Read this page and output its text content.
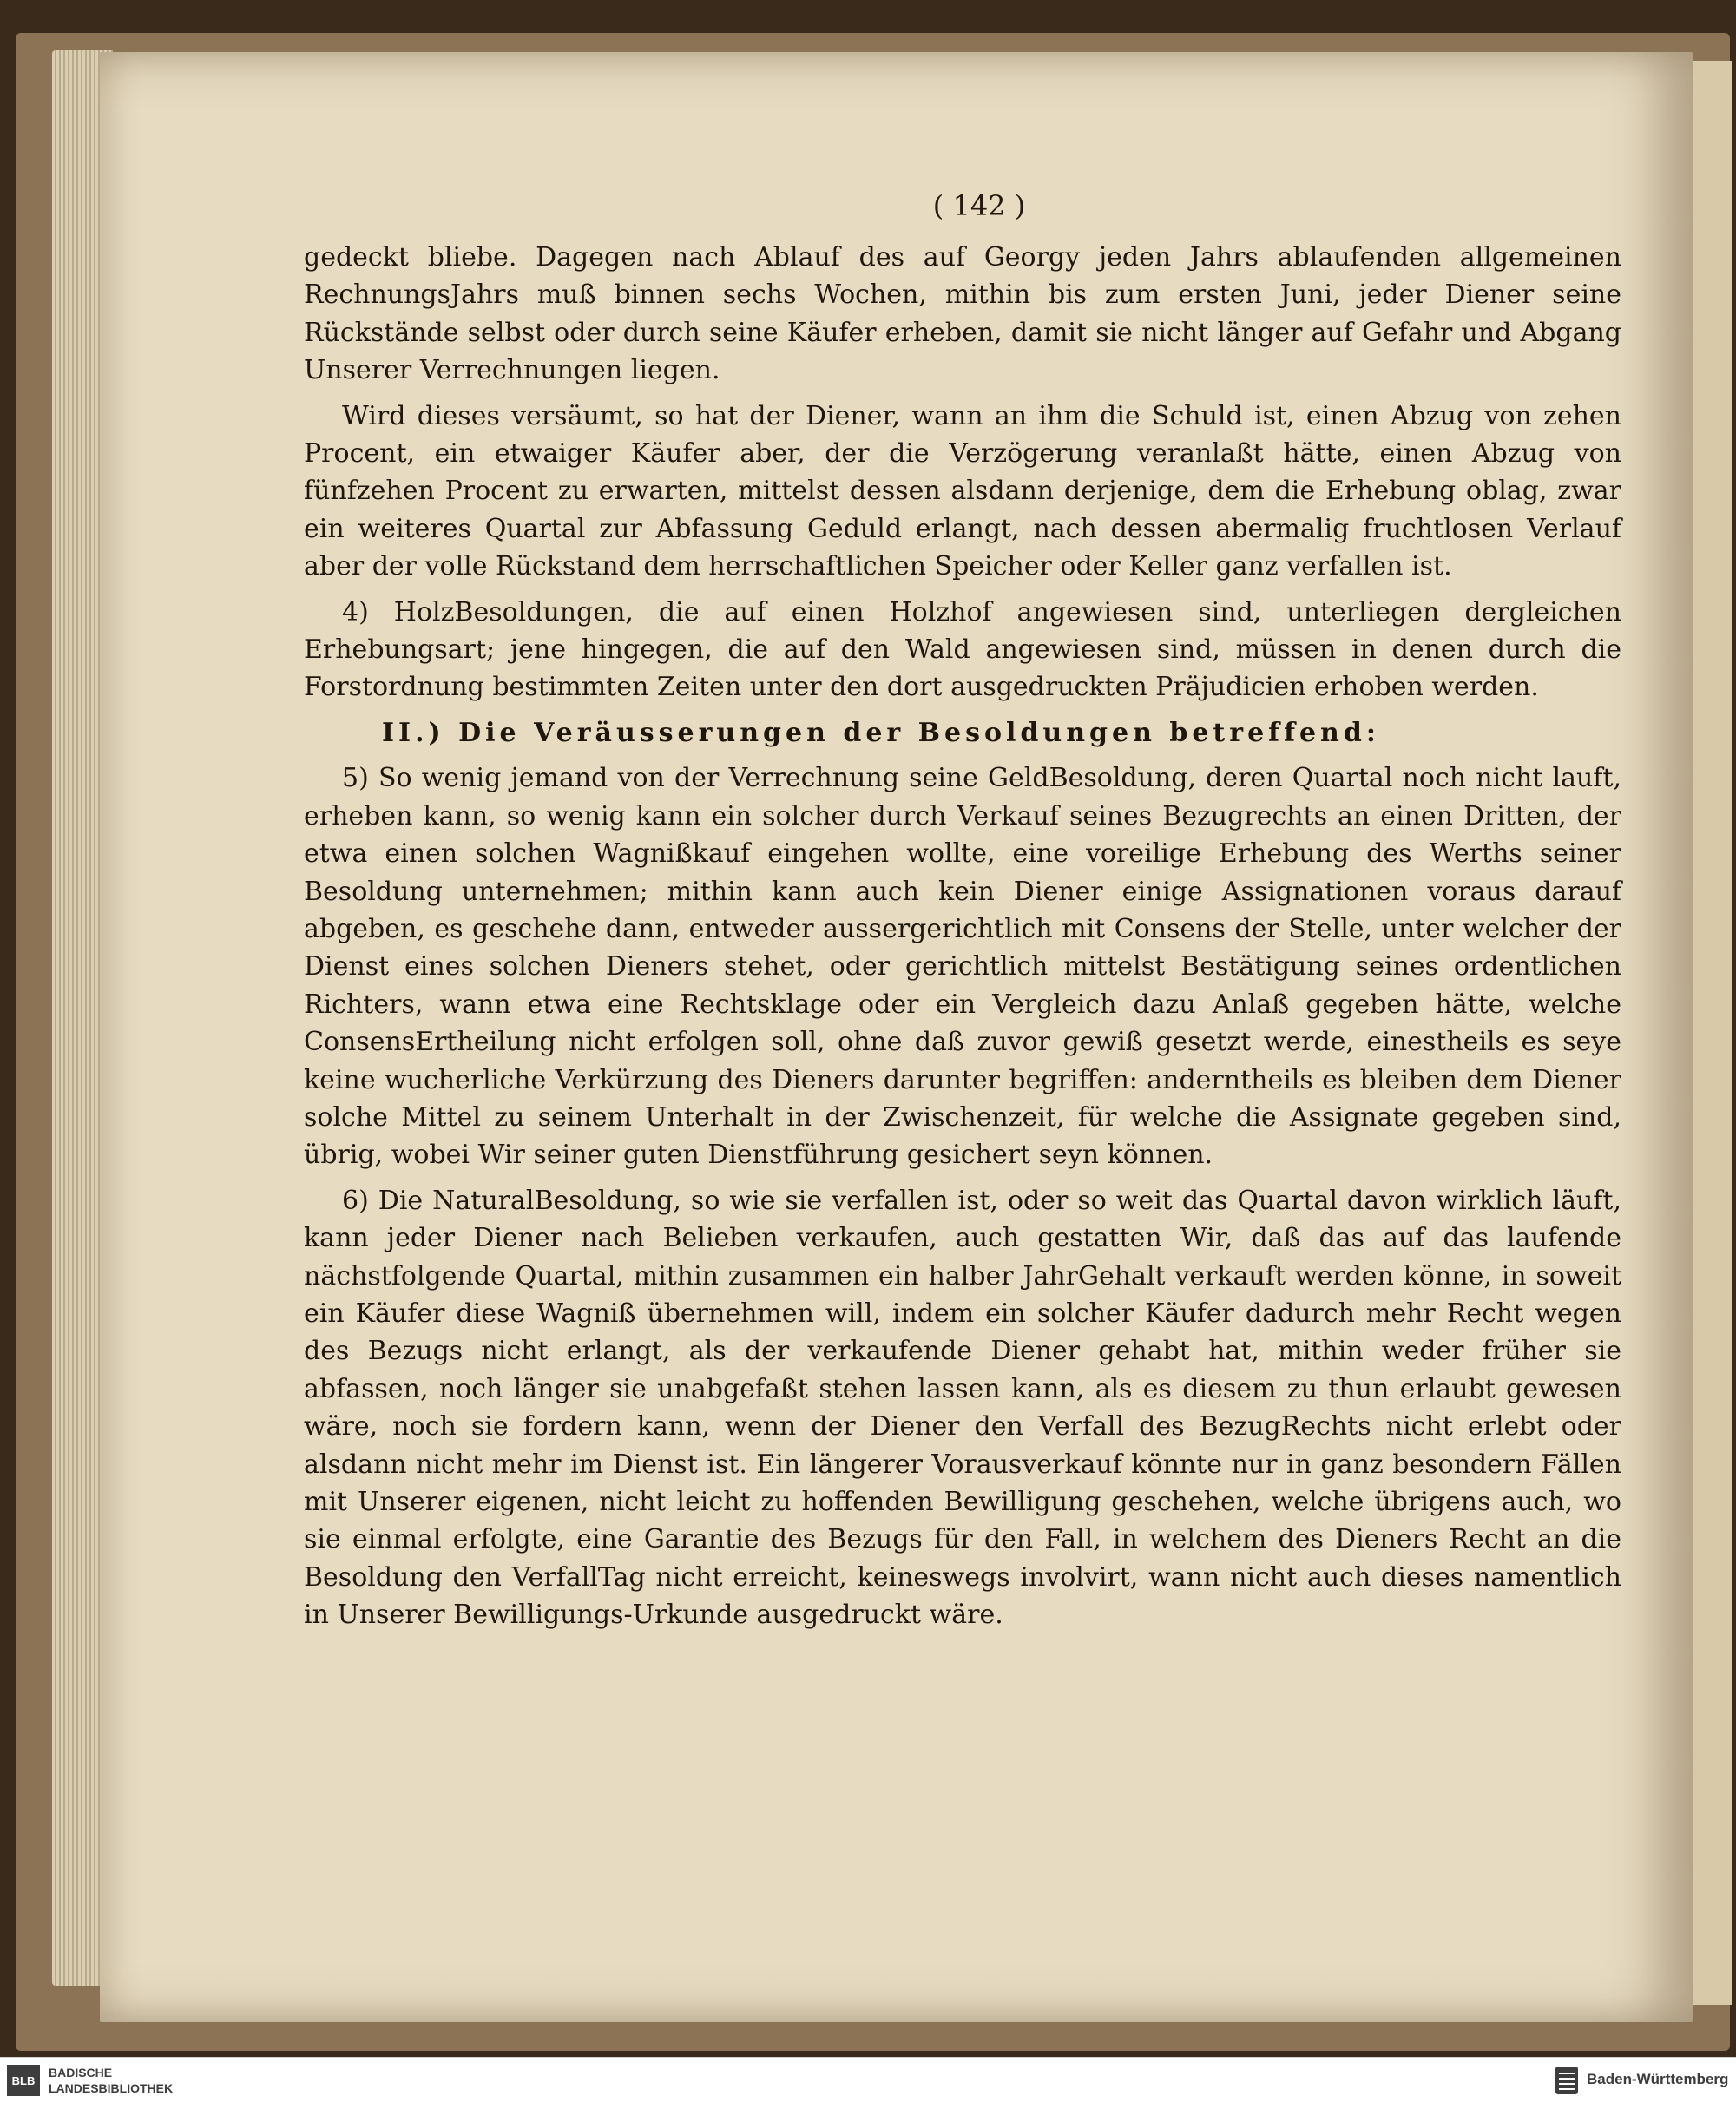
( 142 )

gedeckt bliebe. Dagegen nach Ablauf des auf Georgy jeden Jahrs ablaufenden allgemeinen RechnungsJahrs muß binnen sechs Wochen, mithin bis zum ersten Juni, jeder Diener seine Rückstände selbst oder durch seine Käufer erheben, damit sie nicht länger auf Gefahr und Abgang Unserer Verrechnungen liegen.

Wird dieses versäumt, so hat der Diener, wann an ihm die Schuld ist, einen Abzug von zehen Procent, ein etwaiger Käufer aber, der die Verzögerung veranlaßt hätte, einen Abzug von fünfzehen Procent zu erwarten, mittelst dessen alsdann derjenige, dem die Erhebung oblag, zwar ein weiteres Quartal zur Abfassung Geduld erlangt, nach dessen abermalig fruchtlosen Verlauf aber der volle Rückstand dem herrschaftlichen Speicher oder Keller ganz verfallen ist.

4) HolzBesoldungen, die auf einen Holzhof angewiesen sind, unterliegen dergleichen Erhebungsart; jene hingegen, die auf den Wald angewiesen sind, müssen in denen durch die Forstordnung bestimmten Zeiten unter den dort ausgedruckten Präjudicien erhoben werden.

II.) Die Veräusserungen der Besoldungen betreffend:

5) So wenig jemand von der Verrechnung seine GeldBesoldung, deren Quartal noch nicht lauft, erheben kann, so wenig kann ein solcher durch Verkauf seines Bezugrechts an einen Dritten, der etwa einen solchen Wagnißkauf eingehen wollte, eine voreilige Erhebung des Werths seiner Besoldung unternehmen; mithin kann auch kein Diener einige Assignationen voraus darauf abgeben, es geschehe dann, entweder aussergerichtlich mit Consens der Stelle, unter welcher der Dienst eines solchen Dieners stehet, oder gerichtlich mittelst Bestätigung seines ordentlichen Richters, wann etwa eine Rechtsklage oder ein Vergleich dazu Anlaß gegeben hätte, welche ConsensErtheilung nicht erfolgen soll, ohne daß zuvor gewiß gesetzt werde, einestheils es seye keine wucherliche Verkürzung des Dieners darunter begriffen: anderntheils es bleiben dem Diener solche Mittel zu seinem Unterhalt in der Zwischenzeit, für welche die Assignate gegeben sind, übrig, wobei Wir seiner guten Dienstführung gesichert seyn können.

6) Die NaturalBesoldung, so wie sie verfallen ist, oder so weit das Quartal davon wirklich läuft, kann jeder Diener nach Belieben verkaufen, auch gestatten Wir, daß das auf das laufende nächstfolgende Quartal, mithin zusammen ein halber JahrGehalt verkauft werden könne, in soweit ein Käufer diese Wagniß übernehmen will, indem ein solcher Käufer dadurch mehr Recht wegen des Bezugs nicht erlangt, als der verkaufende Diener gehabt hat, mithin weder früher sie abfassen, noch länger sie unabgefaßt stehen lassen kann, als es diesem zu thun erlaubt gewesen wäre, noch sie fordern kann, wenn der Diener den Verfall des BezugRechts nicht erlebt oder alsdann nicht mehr im Dienst ist. Ein längerer Vorausverkauf könnte nur in ganz besondern Fällen mit Unserer eigenen, nicht leicht zu hoffenden Bewilligung geschehen, welche übrigens auch, wo sie einmal erfolgte, eine Garantie des Bezugs für den Fall, in welchem des Dieners Recht an die Besoldung den VerfallTag nicht erreicht, keineswegs involvirt, wann nicht auch dieses namentlich in Unserer Bewilligungs-Urkunde ausgedruckt wäre.

BLB
BADISCHE
LANDESBIBLIOTHEK
Baden-Württemberg
